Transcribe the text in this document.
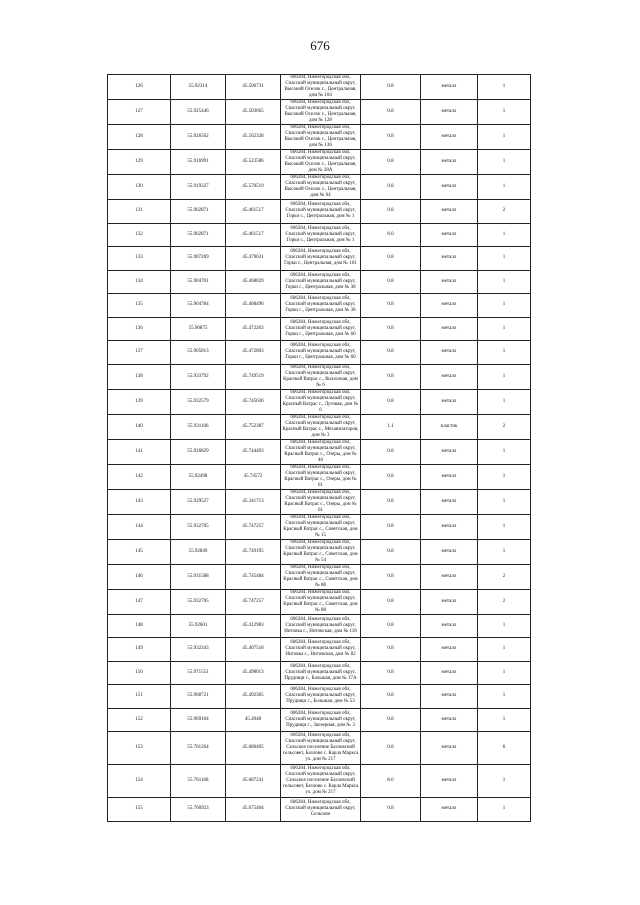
676
126	55.92314	45.506731	606284, Нижегородская обл, Спасский муниципальный округ, Высокий Оселок с., Центральная, дом № 104	0.8	металл	1
127	55.925446	45.503665	606284, Нижегородская обл, Спасский муниципальный округ, Высокий Оселок с., Центральная, дом № 128	0.8	металл	1
128	55.926502	45.562328	606284, Нижегородская обл, Спасский муниципальный округ, Высокий Оселок с., Центральная, дом № 136	0.8	металл	1
129	55.916991	45.523586	606284, Нижегородская обл, Спасский муниципальный округ, Высокий Оселок с., Центральная, дом № 28А	0.8	металл	1
130	55.919327	45.570519	606284, Нижегородская обл, Спасский муниципальный округ, Высокий Оселок с., Центральная, дом № 64	0.8	металл	1
131	55.902871	45.461517	606284, Нижегородская обл, Спасский муниципальный округ, Горки с., Центральная, дом № 1	0.8	металл	2
132	55.902871	45.461517	606284, Нижегородская обл, Спасский муниципальный округ, Горки с., Центральная, дом № 1	8.0	металл	1
133	55.907269	45.479031	606284, Нижегородская обл, Спасский муниципальный округ, Горки с., Центральная, дом № 101	0.8	металл	1
134	55.904701	45.468029	606284, Нижегородская обл, Спасский муниципальный округ, Горки с., Центральная, дом № 38	0.8	металл	1
135	55.904784	45.468496	606284, Нижегородская обл, Спасский муниципальный округ, Горки с., Центральная, дом № 38	0.8	металл	1
136	55.90875	45.472263	606284, Нижегородская обл, Спасский муниципальный округ, Горки с., Центральная, дом № 60	0.8	металл	1
137	55.905813	45.472803	606284, Нижегородская обл, Спасский муниципальный округ, Горки с., Центральная, дом № 60	0.8	металл	1
138	55.933792	45.749519	606284, Нижегородская обл, Спасский муниципальный округ, Красный Ватрас с., Колхозная, дом № 6	0.8	металл	1
139	55.932579	45.745636	606284, Нижегородская обл, Спасский муниципальный округ, Красный Ватрас с., Луговая, дом № 6	0.8	металл	1
140	55.931106	45.752387	606284, Нижегородская обл, Спасский муниципальный округ, Красный Ватрас с., Механизаторов, дом № 3	1.1	пластик	2
141	55.926829	45.744493	606284, Нижегородская обл, Спасский муниципальный округ, Красный Ватрас с., Озеры, дом № 40	0.8	металл	1
142	55.92498	45.74572	606284, Нижегородская обл, Спасский муниципальный округ, Красный Ватрас с., Озеры, дом № 61	0.8	металл	1
143	55.929527	45.341713	606284, Нижегородская обл, Спасский муниципальный округ, Красный Ватрас с., Озеры, дом № 61	0.8	металл	1
144	55.932705	45.747257	606284, Нижегородская обл, Спасский муниципальный округ, Красный Ватрас с., Советская, дом № 15	0.8	металл	1
145	55.92849	45.749195	606284, Нижегородская обл, Спасский муниципальный округ, Красный Ватрас с., Советская, дом № 54	0.8	металл	1
146	55.931588	45.745484	606284, Нижегородская обл, Спасский муниципальный округ, Красный Ватрас с., Советская, дом № 88	0.8	металл	2
147	55.932705	45.747257	606284, Нижегородская обл, Спасский муниципальный округ, Красный Ватрас с., Советская, дом № 88	0.8	металл	2
148	55.92601	45.412983	606284, Нижегородская обл, Спасский муниципальный округ, Нитовка с., Нитовская, дом № 118	0.8	металл	1
149	55.932343	45.407518	606284, Нижегородская обл, Спасский муниципальный округ, Нитовка с., Нитовская, дом № 82	0.8	металл	1
150	55.971551	45.498013	606284, Нижегородская обл, Спасский муниципальный округ, Прудищи с., Большая, дом № 17А	0.8	металл	1
151	55.968721	45.492305	606284, Нижегородская обл, Спасский муниципальный округ, Прудищи с., Большая, дом № 53	0.8	металл	1
152	55.969104	45.4948	606284, Нижегородская обл, Спасский муниципальный округ, Прудищи с., Заозерная, дом № 3	0.8	металл	1
153	55.761264	45.686405	606284, Нижегородская обл, Спасский муниципальный округ, Сельское поселение Базловский сельсовет, Базлово с. Карла Маркса ул. дом № 217	0.8	металл	6
154	55.761168	45.687241	606284, Нижегородская обл, Спасский муниципальный округ, Сельское поселение Базловский сельсовет, Базлово с. Карла Маркса ул. дом № 217	8.0	металл	1
155	55.760923	45.675404	606284, Нижегородская обл, Спасский муниципальный округ, Сельское	0.8	металл	1
